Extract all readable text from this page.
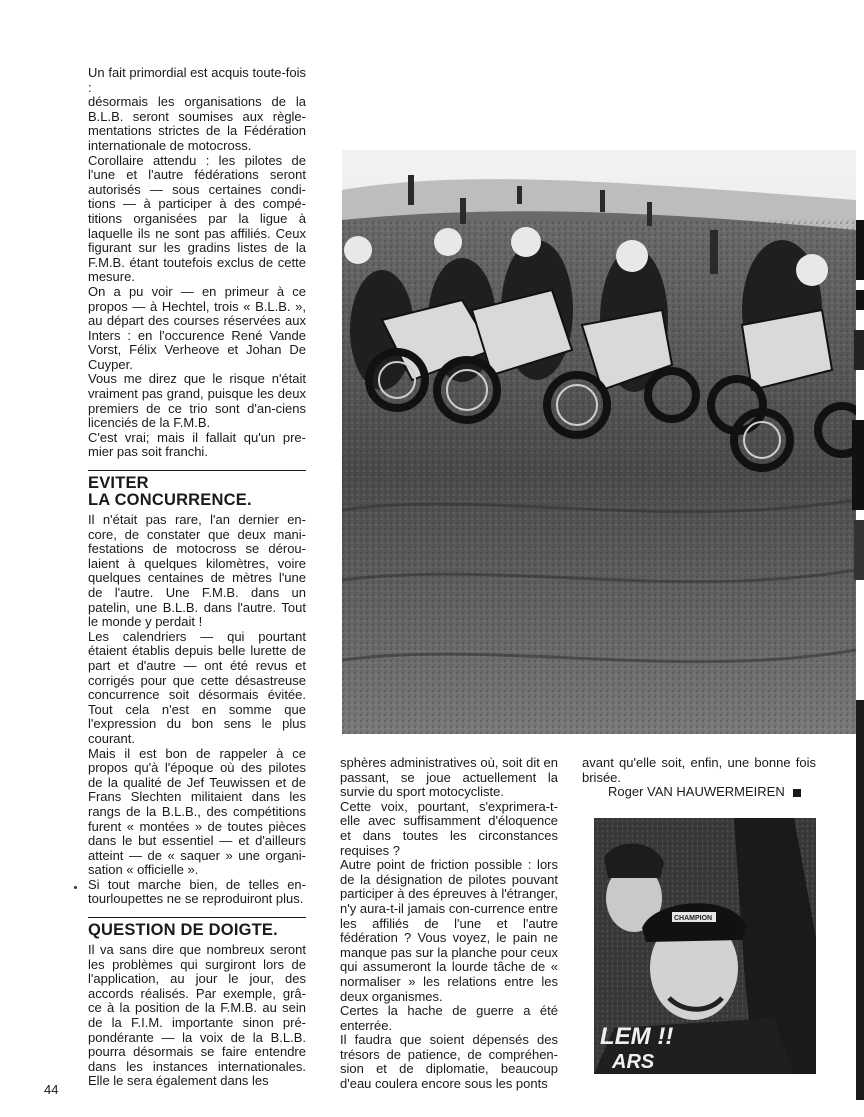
Un fait primordial est acquis toute-fois :

désormais les organisations de la B.L.B. seront soumises aux règle-mentations strictes de la Fédération internationale de motocross.

Corollaire attendu : les pilotes de l'une et l'autre fédérations seront autorisés — sous certaines condi-tions — à participer à des compé-titions organisées par la ligue à laquelle ils ne sont pas affiliés. Ceux figurant sur les gradins listes de la F.M.B. étant toutefois exclus de cette mesure.

On a pu voir — en primeur à ce propos — à Hechtel, trois « B.L.B. », au départ des courses réservées aux Inters : en l'occurence René Vande Vorst, Félix Verheove et Johan De Cuyper.

Vous me direz que le risque n'était vraiment pas grand, puisque les deux premiers de ce trio sont d'an-ciens licenciés de la F.M.B.

C'est vrai; mais il fallait qu'un pre-mier pas soit franchi.

EVITER
LA CONCURRENCE.

Il n'était pas rare, l'an dernier en-core, de constater que deux mani-festations de motocross se dérou-laient à quelques kilomètres, voire quelques centaines de mètres l'une de l'autre. Une F.M.B. dans un patelin, une B.L.B. dans l'autre. Tout le monde y perdait !

Les calendriers — qui pourtant étaient établis depuis belle lurette de part et d'autre — ont été revus et corrigés pour que cette désastreuse concurrence soit désormais évitée. Tout cela n'est en somme que l'expression du bon sens le plus courant.

Mais il est bon de rappeler à ce propos qu'à l'époque où des pilotes de la qualité de Jef Teuwissen et de Frans Slechten militaient dans les rangs de la B.L.B., des compétitions furent « montées » de toutes pièces dans le but essentiel — et d'ailleurs atteint — de « saquer » une organi-sation « officielle ».

Si tout marche bien, de telles en-tourloupettes ne se reproduiront plus.

QUESTION DE DOIGTE.

Il va sans dire que nombreux seront les problèmes qui surgiront lors de l'application, au jour le jour, des accords réalisés. Par exemple, grâ-ce à la position de la F.M.B. au sein de la F.I.M. importante sinon pré-pondérante — la voix de la B.L.B. pourra désormais se faire entendre dans les instances internationales. Elle le sera également dans les

sphères administratives où, soit dit en passant, se joue actuellement la survie du sport motocycliste.

Cette voix, pourtant, s'exprimera-t-elle avec suffisamment d'éloquence et dans toutes les circonstances requises ?

Autre point de friction possible : lors de la désignation de pilotes pouvant participer à des épreuves à l'étranger, n'y aura-t-il jamais con-currence entre les affiliés de l'une et l'autre fédération ? Vous voyez, le pain ne manque pas sur la planche pour ceux qui assumeront la lourde tâche de « normaliser » les relations entre les deux organismes.

Certes la hache de guerre a été enterrée.

Il faudra que soient dépensés des trésors de patience, de compréhen-sion et de diplomatie, beaucoup d'eau coulera encore sous les ponts

avant qu'elle soit, enfin, une bonne fois brisée.

Roger VAN HAUWERMEIREN

CHAMPION
LEM !!
ARS
44
